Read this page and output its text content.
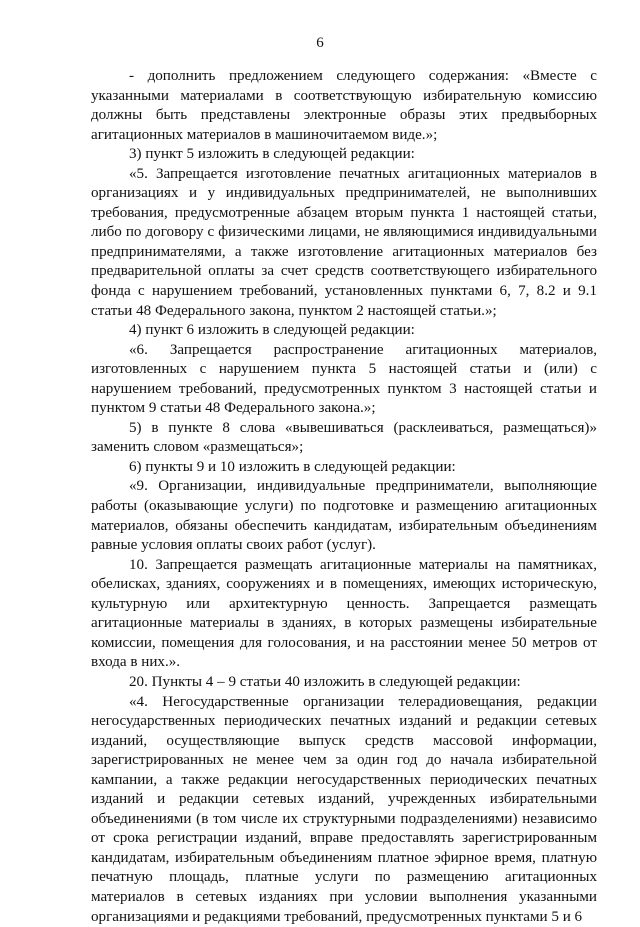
6

- дополнить предложением следующего содержания: «Вместе с указанными материалами в соответствующую избирательную комиссию должны быть представлены электронные образы этих предвыборных агитационных материалов в машиночитаемом виде.»;

3) пункт 5 изложить в следующей редакции:

«5. Запрещается изготовление печатных агитационных материалов в организациях и у индивидуальных предпринимателей, не выполнивших требования, предусмотренные абзацем вторым пункта 1 настоящей статьи, либо по договору с физическими лицами, не являющимися индивидуальными предпринимателями, а также изготовление агитационных материалов без предварительной оплаты за счет средств соответствующего избирательного фонда с нарушением требований, установленных пунктами 6, 7, 8.2 и 9.1 статьи 48 Федерального закона, пунктом 2 настоящей статьи.»;

4) пункт 6 изложить в следующей редакции:

«6. Запрещается распространение агитационных материалов, изготовленных с нарушением пункта 5 настоящей статьи и (или) с нарушением требований, предусмотренных пунктом 3 настоящей статьи и пунктом 9 статьи 48 Федерального закона.»;

5) в пункте 8 слова «вывешиваться (расклеиваться, размещаться)» заменить словом «размещаться»;

6) пункты 9 и 10 изложить в следующей редакции:

«9. Организации, индивидуальные предприниматели, выполняющие работы (оказывающие услуги) по подготовке и размещению агитационных материалов, обязаны обеспечить кандидатам, избирательным объединениям равные условия оплаты своих работ (услуг).

10. Запрещается размещать агитационные материалы на памятниках, обелисках, зданиях, сооружениях и в помещениях, имеющих историческую, культурную или архитектурную ценность. Запрещается размещать агитационные материалы в зданиях, в которых размещены избирательные комиссии, помещения для голосования, и на расстоянии менее 50 метров от входа в них.».

20. Пункты 4 – 9 статьи 40 изложить в следующей редакции:

«4. Негосударственные организации телерадиовещания, редакции негосударственных периодических печатных изданий и редакции сетевых изданий, осуществляющие выпуск средств массовой информации, зарегистрированных не менее чем за один год до начала избирательной кампании, а также редакции негосударственных периодических печатных изданий и редакции сетевых изданий, учрежденных избирательными объединениями (в том числе их структурными подразделениями) независимо от срока регистрации изданий, вправе предоставлять зарегистрированным кандидатам, избирательным объединениям платное эфирное время, платную печатную площадь, платные услуги по размещению агитационных материалов в сетевых изданиях при условии выполнения указанными организациями и редакциями требований, предусмотренных пунктами 5 и 6
